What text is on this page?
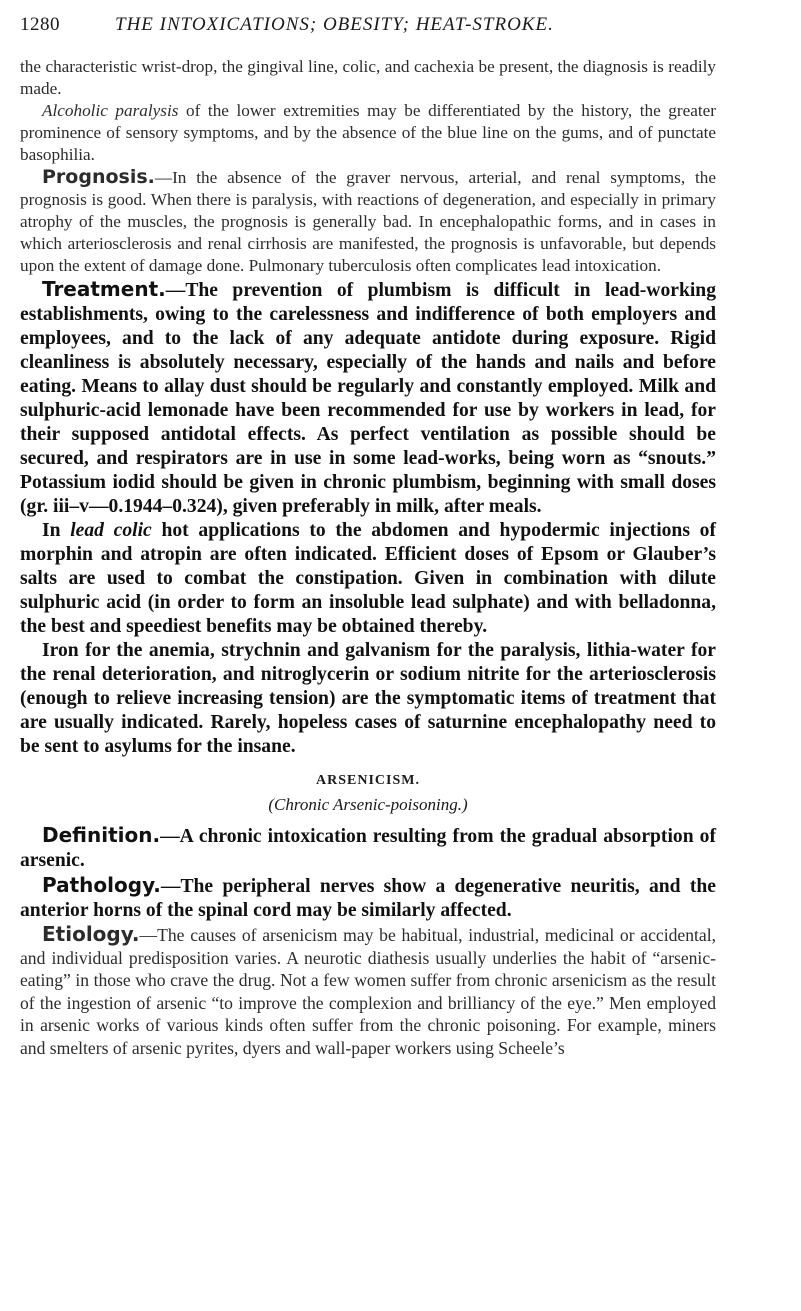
1280	THE INTOXICATIONS; OBESITY; HEAT-STROKE.

the characteristic wrist-drop, the gingival line, colic, and cachexia be present, the diagnosis is readily made.

Alcoholic paralysis of the lower extremities may be differentiated by the history, the greater prominence of sensory symptoms, and by the absence of the blue line on the gums, and of punctate basophilia.

Prognosis.—In the absence of the graver nervous, arterial, and renal symptoms, the prognosis is good. When there is paralysis, with reactions of degeneration, and especially in primary atrophy of the muscles, the prognosis is generally bad. In encephalopathic forms, and in cases in which arteriosclerosis and renal cirrhosis are manifested, the prognosis is unfavorable, but depends upon the extent of damage done. Pulmonary tuberculosis often complicates lead intoxication.

Treatment.—The prevention of plumbism is difficult in lead-working establishments, owing to the carelessness and indifference of both employers and employees, and to the lack of any adequate antidote during exposure. Rigid cleanliness is absolutely necessary, especially of the hands and nails and before eating. Means to allay dust should be regularly and constantly employed. Milk and sulphuric-acid lemonade have been recommended for use by workers in lead, for their supposed antidotal effects. As perfect ventilation as possible should be secured, and respirators are in use in some lead-works, being worn as “snouts.” Potassium iodid should be given in chronic plumbism, beginning with small doses (gr. iii–v—0.1944–0.324), given preferably in milk, after meals.

In lead colic hot applications to the abdomen and hypodermic injections of morphin and atropin are often indicated. Efficient doses of Epsom or Glauber’s salts are used to combat the constipation. Given in combination with dilute sulphuric acid (in order to form an insoluble lead sulphate) and with belladonna, the best and speediest benefits may be obtained thereby.

Iron for the anemia, strychnin and galvanism for the paralysis, lithia-water for the renal deterioration, and nitroglycerin or sodium nitrite for the arteriosclerosis (enough to relieve increasing tension) are the symptomatic items of treatment that are usually indicated. Rarely, hopeless cases of saturnine encephalopathy need to be sent to asylums for the insane.

ARSENICISM.

(Chronic Arsenic-poisoning.)

Definition.—A chronic intoxication resulting from the gradual absorption of arsenic.

Pathology.—The peripheral nerves show a degenerative neuritis, and the anterior horns of the spinal cord may be similarly affected.

Etiology.—The causes of arsenicism may be habitual, industrial, medicinal or accidental, and individual predisposition varies. A neurotic diathesis usually underlies the habit of “arsenic-eating” in those who crave the drug. Not a few women suffer from chronic arsenicism as the result of the ingestion of arsenic “to improve the complexion and brilliancy of the eye.” Men employed in arsenic works of various kinds often suffer from the chronic poisoning. For example, miners and smelters of arsenic pyrites, dyers and wall-paper workers using Scheele’s
